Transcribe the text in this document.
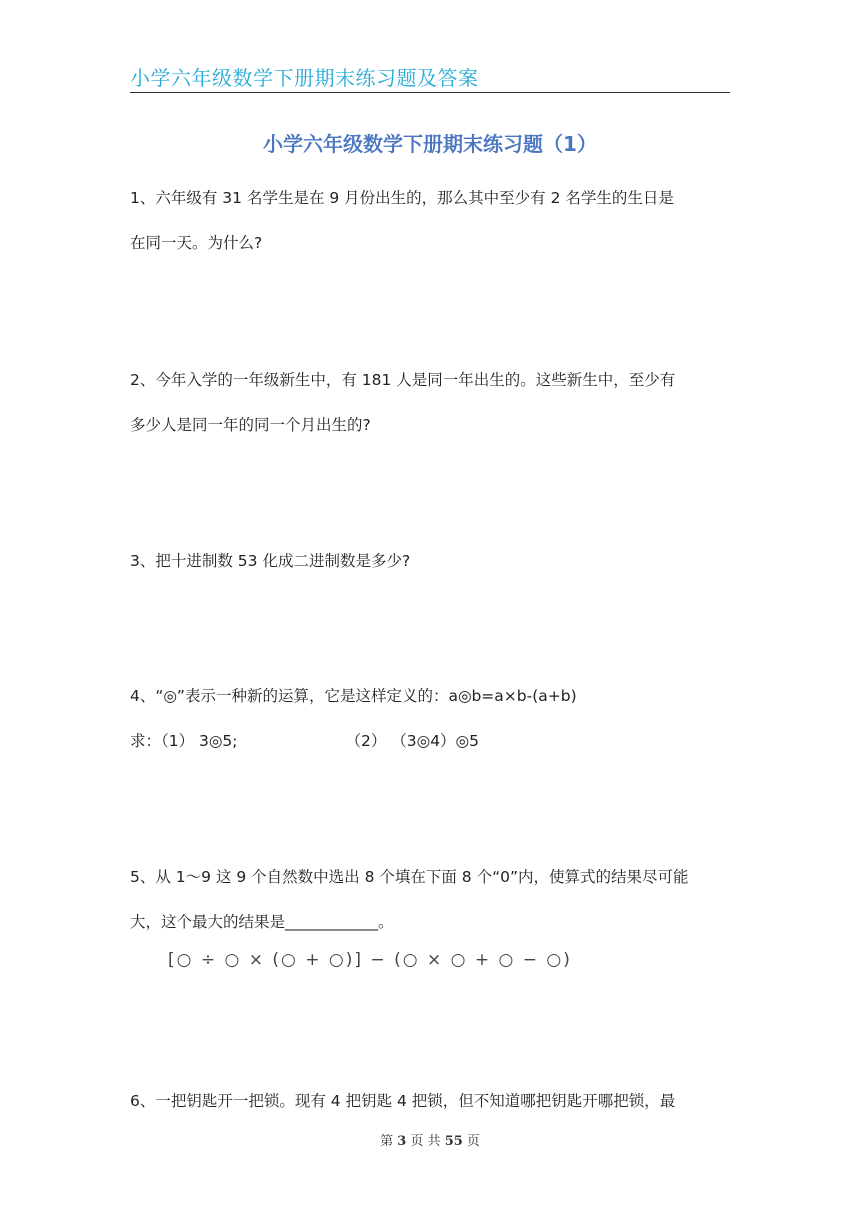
小学六年级数学下册期末练习题及答案
小学六年级数学下册期末练习题（1）
1、六年级有 31 名学生是在 9 月份出生的，那么其中至少有 2 名学生的生日是
在同一天。为什么?
2、今年入学的一年级新生中，有 181 人是同一年出生的。这些新生中，至少有
多少人是同一年的同一个月出生的?
3、把十进制数 53 化成二进制数是多少?
4、“◎”表示一种新的运算，它是这样定义的：a◎b=a×b-(a+b)
求：（1） 3◎5;	（2） （3◎4）◎5
5、从 1～9 这 9 个自然数中选出 8 个填在下面 8 个“0”内，使算式的结果尽可能
大，这个最大的结果是____________。
[○ ÷ ○ × (○ + ○)] − (○ × ○ + ○ − ○)
6、一把钥匙开一把锁。现有 4 把钥匙 4 把锁，但不知道哪把钥匙开哪把锁，最
第 3 页 共 55 页
